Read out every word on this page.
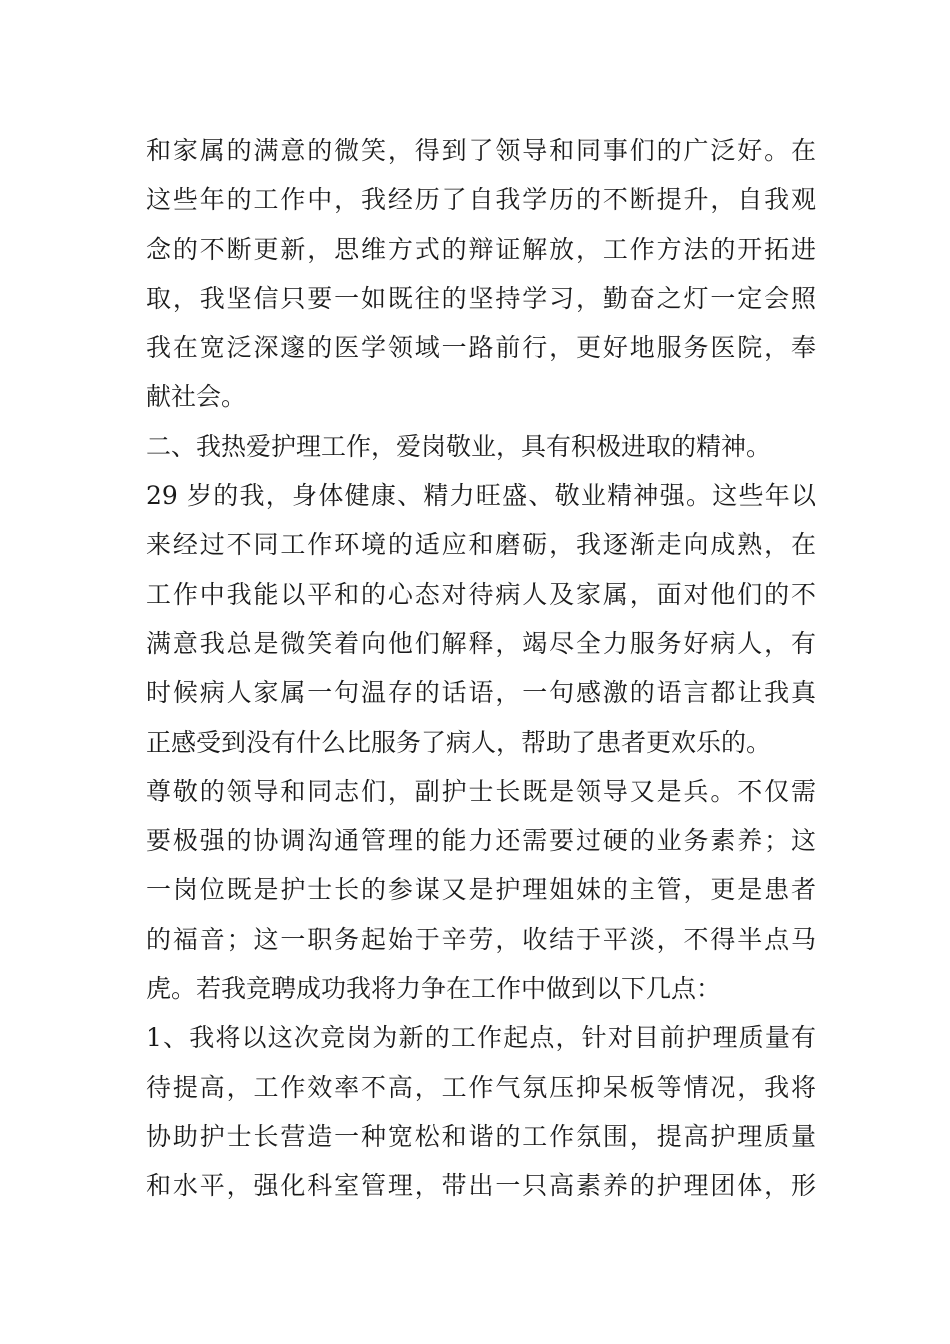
和家属的满意的微笑，得到了领导和同事们的广泛好。在
这些年的工作中，我经历了自我学历的不断提升，自我观
念的不断更新，思维方式的辩证解放，工作方法的开拓进
取，我坚信只要一如既往的坚持学习，勤奋之灯一定会照
我在宽泛深邃的医学领域一路前行，更好地服务医院，奉
献社会。
二、我热爱护理工作，爱岗敬业，具有积极进取的精神。
29 岁的我，身体健康、精力旺盛、敬业精神强。这些年以
来经过不同工作环境的适应和磨砺，我逐渐走向成熟，在
工作中我能以平和的心态对待病人及家属，面对他们的不
满意我总是微笑着向他们解释，竭尽全力服务好病人，有
时候病人家属一句温存的话语，一句感激的语言都让我真
正感受到没有什么比服务了病人，帮助了患者更欢乐的。
尊敬的领导和同志们，副护士长既是领导又是兵。不仅需
要极强的协调沟通管理的能力还需要过硬的业务素养；这
一岗位既是护士长的参谋又是护理姐妹的主管，更是患者
的福音；这一职务起始于辛劳，收结于平淡，不得半点马
虎。若我竞聘成功我将力争在工作中做到以下几点：
1、我将以这次竞岗为新的工作起点，针对目前护理质量有
待提高，工作效率不高，工作气氛压抑呆板等情况，我将
协助护士长营造一种宽松和谐的工作氛围，提高护理质量
和水平，强化科室管理，带出一只高素养的护理团体，形
